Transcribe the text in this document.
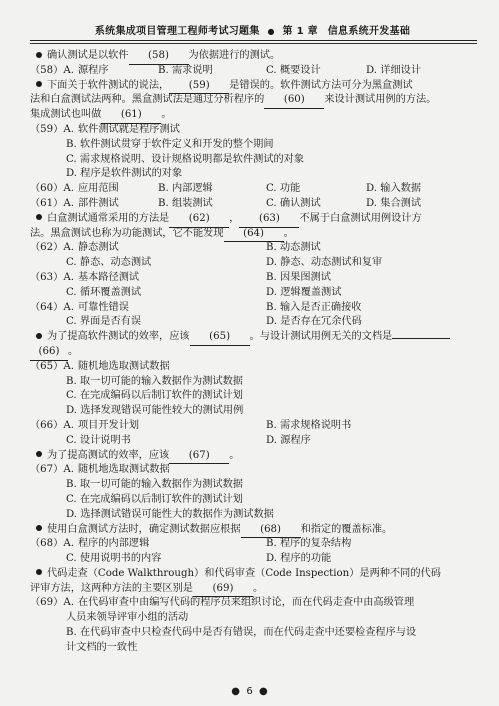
系统集成项目管理工程师考试习题集 ● 第 1 章 信息系统开发基础
确认测试是以软件 (58) 为依据进行的测试。
（58）A. 源程序	B. 需求说明	C. 概要设计	D. 详细设计
下面关于软件测试的说法， (59) 是错误的。软件测试方法可分为黑盒测试
法和白盒测试法两种。黑盒测试法是通过分析程序的 (60) 来设计测试用例的方法。
集成测试也叫做 (61) 。
（59）A. 软件测试就是程序测试
B. 软件测试贯穿于软件定义和开发的整个期间
C. 需求规格说明、设计规格说明都是软件测试的对象
D. 程序是软件测试的对象
（60）A. 应用范围	B. 内部逻辑	C. 功能	D. 输入数据
（61）A. 部件测试	B. 组装测试	C. 确认测试	D. 集合测试
白盒测试通常采用的方法是 (62) ， (63) 不属于白盒测试用例设计方
法。黑盒测试也称为功能测试，它不能发现 (64) 。
（62）A. 静态测试	B. 动态测试
C. 静态、动态测试	D. 静态、动态测试和复审
（63）A. 基本路径测试	B. 因果图测试
C. 循环覆盖测试	D. 逻辑覆盖测试
（64）A. 可靠性错误	B. 输入是否正确接收
C. 界面是否有误	D. 是否存在冗余代码
为了提高软件测试的效率，应该 (65) 。与设计测试用例无关的文档是
(66) 。
（65）A. 随机地选取测试数据
B. 取一切可能的输入数据作为测试数据
C. 在完成编码以后制订软件的测试计划
D. 选择发现错误可能性较大的测试用例
（66）A. 项目开发计划	B. 需求规格说明书
C. 设计说明书	D. 源程序
为了提高测试的效率，应该 (67) 。
（67）A. 随机地选取测试数据
B. 取一切可能的输入数据作为测试数据
C. 在完成编码以后制订软件的测试计划
D. 选择测试错误可能性大的数据作为测试数据
使用白盒测试方法时，确定测试数据应根据 (68) 和指定的覆盖标准。
（68）A. 程序的内部逻辑	B. 程序的复杂结构
C. 使用说明书的内容	D. 程序的功能
代码走查（Code Walkthrough）和代码审查（Code Inspection）是两种不同的代码
评审方法，这两种方法的主要区别是 (69) 。
（69）A. 在代码审查中由编写代码的程序员来组织讨论，而在代码走查中由高级管理
人员来领导评审小组的活动
B. 在代码审查中只检查代码中是否有错误，而在代码走查中还要检查程序与设
计文档的一致性
●  6  ●
